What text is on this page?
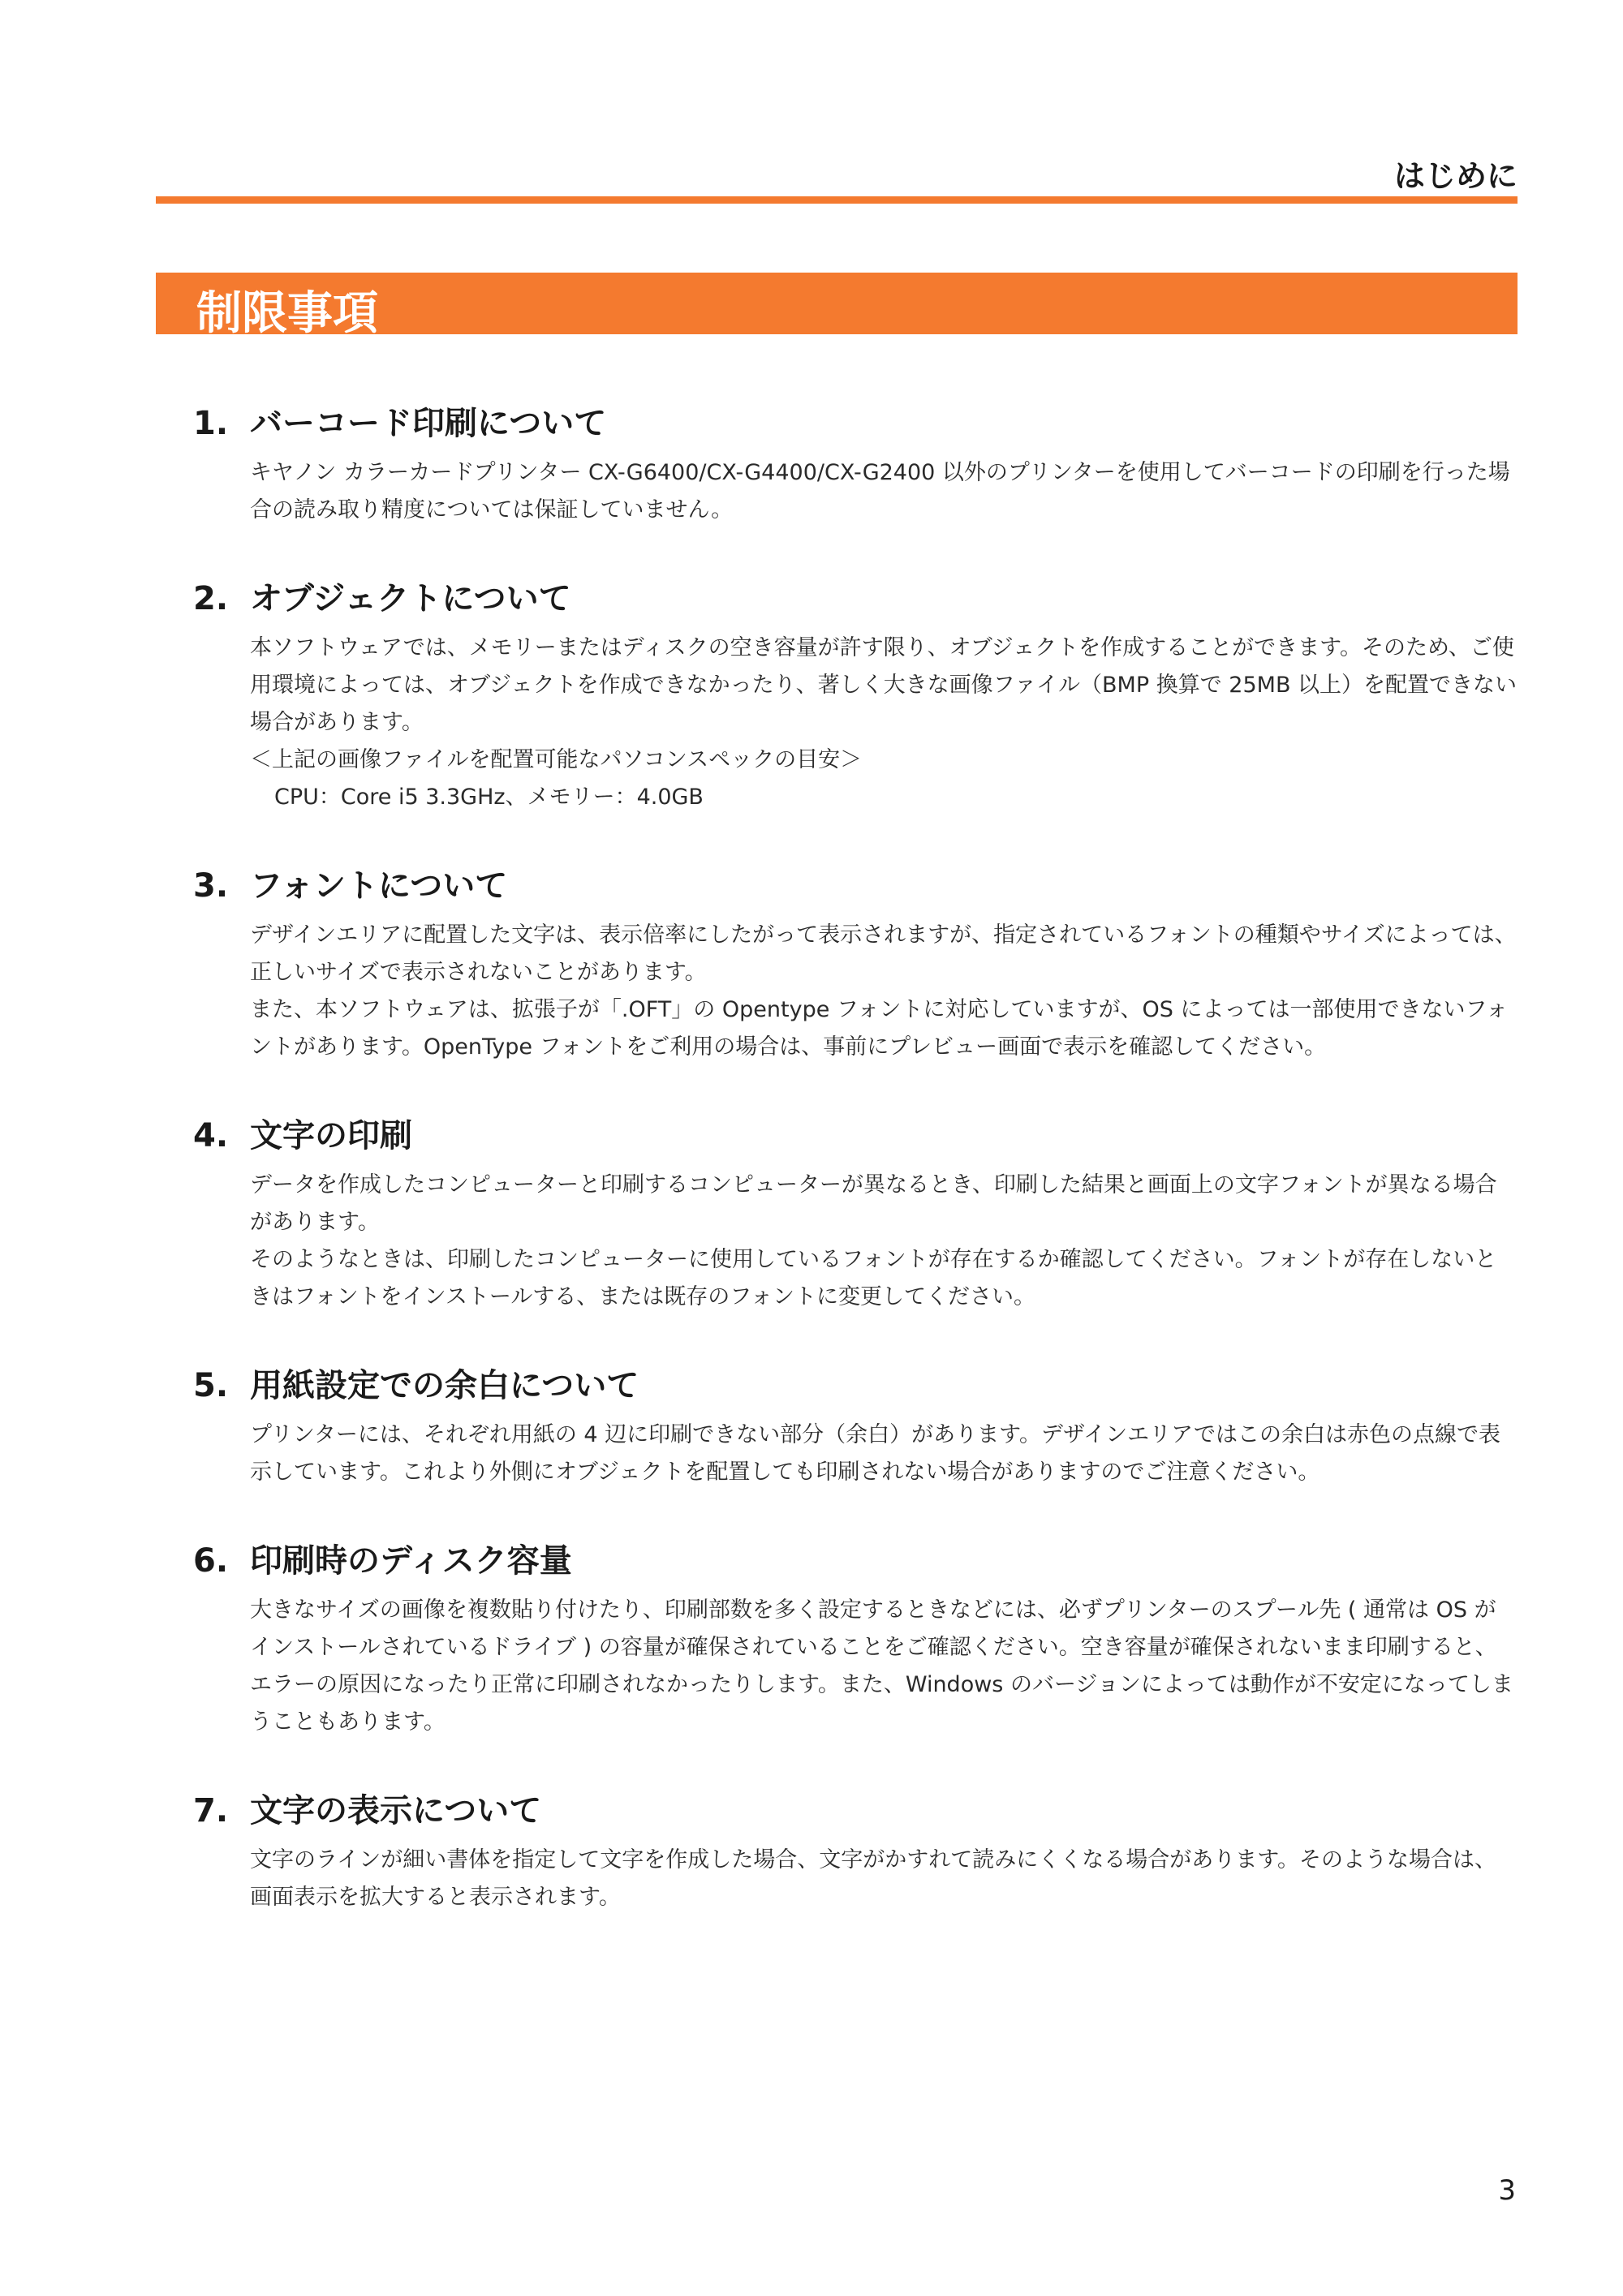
はじめに
制限事項
1. バーコード印刷について
キヤノン カラーカードプリンター CX-G6400/CX-G4400/CX-G2400 以外のプリンターを使用してバーコードの印刷を行った場合の読み取り精度については保証していません。
2. オブジェクトについて
本ソフトウェアでは、メモリーまたはディスクの空き容量が許す限り、オブジェクトを作成することができます。そのため、ご使用環境によっては、オブジェクトを作成できなかったり、著しく大きな画像ファイル（BMP 換算で 25MB 以上）を配置できない場合があります。
＜上記の画像ファイルを配置可能なパソコンスペックの目安＞
CPU：Core i5 3.3GHz、メモリー：4.0GB
3. フォントについて
デザインエリアに配置した文字は、表示倍率にしたがって表示されますが、指定されているフォントの種類やサイズによっては、正しいサイズで表示されないことがあります。
また、本ソフトウェアは、拡張子が「.OFT」の Opentype フォントに対応していますが、OS によっては一部使用できないフォントがあります。OpenType フォントをご利用の場合は、事前にプレビュー画面で表示を確認してください。
4. 文字の印刷
データを作成したコンピューターと印刷するコンピューターが異なるとき、印刷した結果と画面上の文字フォントが異なる場合があります。
そのようなときは、印刷したコンピューターに使用しているフォントが存在するか確認してください。フォントが存在しないときはフォントをインストールする、または既存のフォントに変更してください。
5. 用紙設定での余白について
プリンターには、それぞれ用紙の 4 辺に印刷できない部分（余白）があります。デザインエリアではこの余白は赤色の点線で表示しています。これより外側にオブジェクトを配置しても印刷されない場合がありますのでご注意ください。
6. 印刷時のディスク容量
大きなサイズの画像を複数貼り付けたり、印刷部数を多く設定するときなどには、必ずプリンターのスプール先 ( 通常は OS がインストールされているドライブ ) の容量が確保されていることをご確認ください。空き容量が確保されないまま印刷すると、エラーの原因になったり正常に印刷されなかったりします。また、Windows のバージョンによっては動作が不安定になってしまうこともあります。
7. 文字の表示について
文字のラインが細い書体を指定して文字を作成した場合、文字がかすれて読みにくくなる場合があります。そのような場合は、画面表示を拡大すると表示されます。
3
